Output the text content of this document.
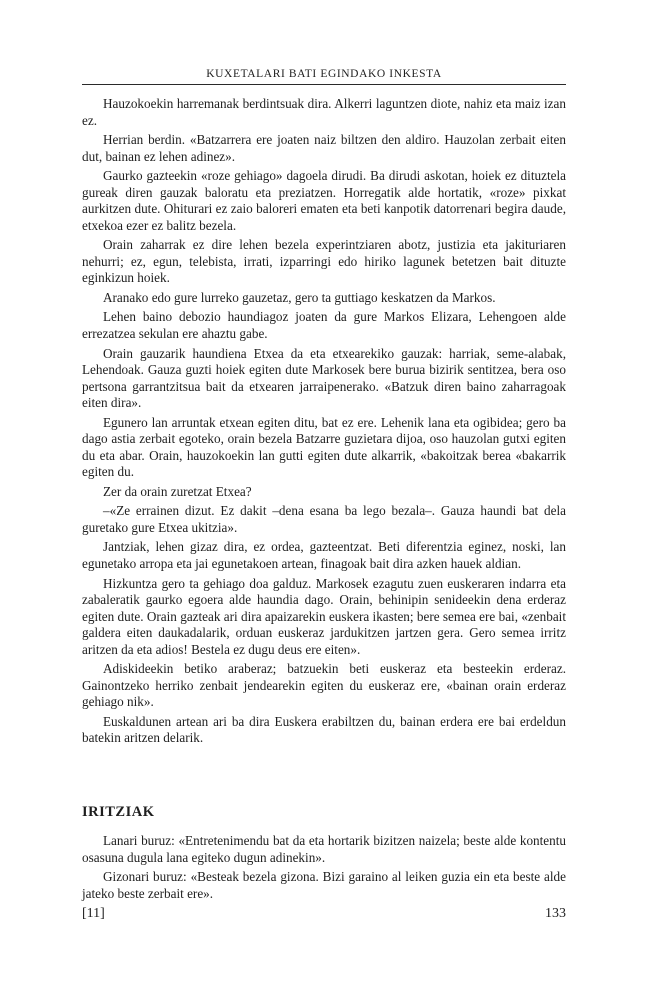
KUXETALARI BATI EGINDAKO INKESTA

Hauzokoekin harremanak berdintsuak dira. Alkerri laguntzen diote, nahiz eta maiz izan ez.

Herrian berdin. «Batzarrera ere joaten naiz biltzen den aldiro. Hauzolan zerbait eiten dut, bainan ez lehen adinez».

Gaurko gazteekin «roze gehiago» dagoela dirudi. Ba dirudi askotan, hoiek ez dituztela gureak diren gauzak baloratu eta preziatzen. Horregatik alde hortatik, «roze» pixkat aurkitzen dute. Ohiturari ez zaio baloreri ematen eta beti kanpotik datorrenari begira daude, etxekoa ezer ez balitz bezela.

Orain zaharrak ez dire lehen bezela experintziaren abotz, justizia eta jakituriaren nehurri; ez, egun, telebista, irrati, izparringi edo hiriko lagunek betetzen bait dituzte eginkizun hoiek.

Aranako edo gure lurreko gauzetaz, gero ta guttiago keskatzen da Markos.

Lehen baino debozio haundiagoz joaten da gure Markos Elizara, Lehengoen alde errezatzea sekulan ere ahaztu gabe.

Orain gauzarik haundiena Etxea da eta etxearekiko gauzak: harriak, seme-alabak, Lehendoak. Gauza guzti hoiek egiten dute Markosek bere burua bizirik sentitzea, bera oso pertsona garrantzitsua bait da etxearen jarraipenerako. «Batzuk diren baino zaharragoak eiten dira».

Egunero lan arruntak etxean egiten ditu, bat ez ere. Lehenik lana eta ogibidea; gero ba dago astia zerbait egoteko, orain bezela Batzarre guzietara dijoa, oso hauzolan gutxi egiten du eta abar. Orain, hauzokoekin lan gutti egiten dute alkarrik, «bakoitzak berea «bakarrik egiten du.

Zer da orain zuretzat Etxea?

–«Ze errainen dizut. Ez dakit –dena esana ba lego bezala–. Gauza haundi bat dela guretako gure Etxea ukitzia».

Jantziak, lehen gizaz dira, ez ordea, gazteentzat. Beti diferentzia eginez, noski, lan egunetako arropa eta jai egunetakoen artean, finagoak bait dira azken hauek aldian.

Hizkuntza gero ta gehiago doa galduz. Markosek ezagutu zuen euskeraren indarra eta zabaleratik gaurko egoera alde haundia dago. Orain, behinipin senideekin dena erderaz egiten dute. Orain gazteak ari dira apaizarekin euskera ikasten; bere semea ere bai, «zenbait galdera eiten daukadalarik, orduan euskeraz jardukitzen jartzen gera. Gero semea irritz aritzen da eta adios! Bestela ez dugu deus ere eiten».

Adiskideekin betiko araberaz; batzuekin beti euskeraz eta besteekin erderaz. Gainontzeko herriko zenbait jendearekin egiten du euskeraz ere, «bainan orain erderaz gehiago nik».

Euskaldunen artean ari ba dira Euskera erabiltzen du, bainan erdera ere bai erdeldun batekin aritzen delarik.

IRITZIAK

Lanari buruz: «Entretenimendu bat da eta hortarik bizitzen naizela; beste alde kontentu osasuna dugula lana egiteko dugun adinekin».

Gizonari buruz: «Besteak bezela gizona. Bizi garaino al leiken guzia ein eta beste alde jateko beste zerbait ere».

[11]	133
